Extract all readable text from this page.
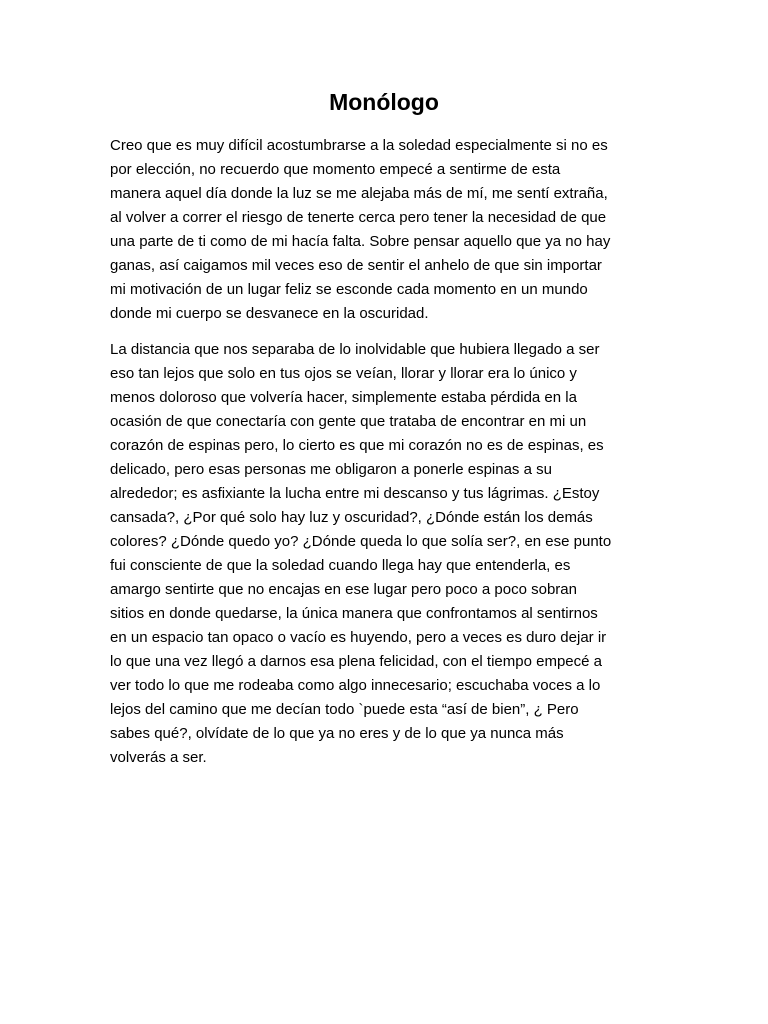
Monólogo

Creo que es muy difícil acostumbrarse a la soledad especialmente si no es
por elección, no recuerdo que momento empecé a sentirme de esta
manera aquel día donde la luz se me alejaba más de mí, me sentí extraña,
al volver a correr el riesgo de tenerte cerca pero tener la necesidad de que
una parte de ti como de mi hacía falta. Sobre pensar aquello que ya no hay
ganas, así caigamos mil veces eso de sentir el anhelo de que sin importar
mi motivación de un lugar feliz se esconde cada momento en un mundo
donde mi cuerpo se desvanece en la oscuridad.

La distancia que nos separaba de lo inolvidable que hubiera llegado a ser
eso tan lejos que solo en tus ojos se veían, llorar y llorar era lo único y
menos doloroso que volvería hacer, simplemente estaba pérdida en la
ocasión de que conectaría con gente que trataba de encontrar en mi un
corazón de espinas pero, lo cierto es que mi corazón no es de espinas, es
delicado, pero esas personas me obligaron a ponerle espinas a su
alrededor; es asfixiante la lucha entre mi descanso y tus lágrimas. ¿Estoy
cansada?, ¿Por qué solo hay luz y oscuridad?, ¿Dónde están los demás
colores? ¿Dónde quedo yo? ¿Dónde queda lo que solía ser?, en ese punto
fui consciente de que la soledad cuando llega hay que entenderla, es
amargo sentirte que no encajas en ese lugar pero poco a poco sobran
sitios en donde quedarse, la única manera que confrontamos al sentirnos
en un espacio tan opaco o vacío es huyendo, pero a veces es duro dejar ir
lo que una vez llegó a darnos esa plena felicidad, con el tiempo empecé a
ver todo lo que me rodeaba como algo innecesario; escuchaba voces a lo
lejos del camino que me decían todo `puede esta “así de bien”, ¿ Pero
sabes qué?, olvídate de lo que ya no eres y de lo que ya nunca más
volverás a ser.
